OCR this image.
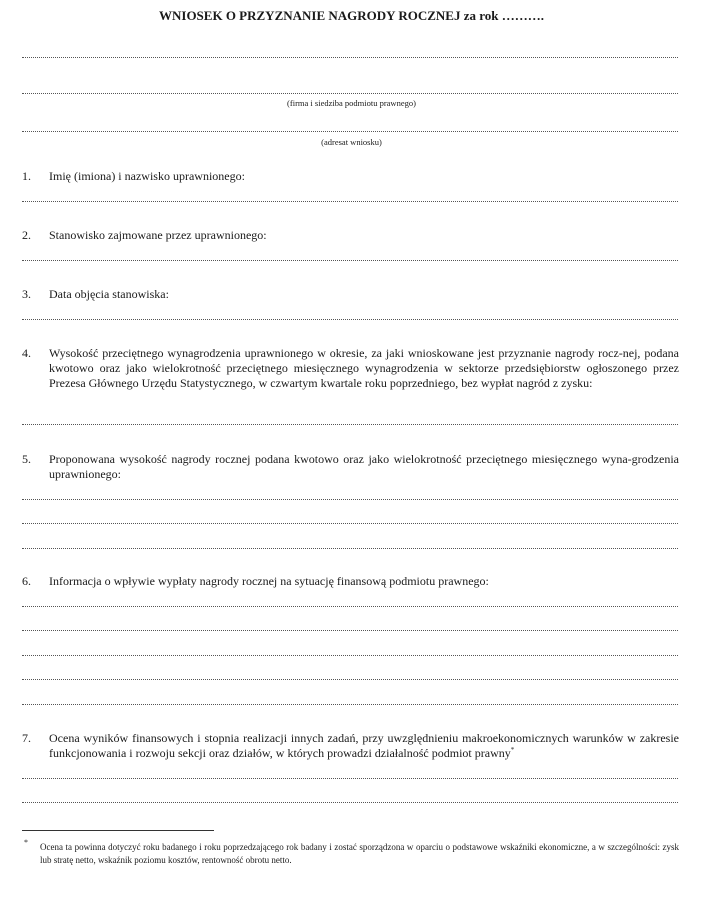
WNIOSEK O PRZYZNANIE NAGRODY ROCZNEJ za rok ……….
(firma i siedziba podmiotu prawnego)
(adresat wniosku)
1. Imię (imiona) i nazwisko uprawnionego:
2. Stanowisko zajmowane przez uprawnionego:
3. Data objęcia stanowiska:
4. Wysokość przeciętnego wynagrodzenia uprawnionego w okresie, za jaki wnioskowane jest przyznanie nagrody rocz-nej, podana kwotowo oraz jako wielokrotność przeciętnego miesięcznego wynagrodzenia w sektorze przedsiębiorstw ogłoszonego przez Prezesa Głównego Urzędu Statystycznego, w czwartym kwartale roku poprzedniego, bez wypłat nagród z zysku:
5. Proponowana wysokość nagrody rocznej podana kwotowo oraz jako wielokrotność przeciętnego miesięcznego wyna-grodzenia uprawnionego:
6. Informacja o wpływie wypłaty nagrody rocznej na sytuację finansową podmiotu prawnego:
7. Ocena wyników finansowych i stopnia realizacji innych zadań, przy uwzględnieniu makroekonomicznych warunków w zakresie funkcjonowania i rozwoju sekcji oraz działów, w których prowadzi działalność podmiot prawny*
* Ocena ta powinna dotyczyć roku badanego i roku poprzedzającego rok badany i zostać sporządzona w oparciu o podstawowe wskaźniki ekonomiczne, a w szczególności: zysk lub stratę netto, wskaźnik poziomu kosztów, rentowność obrotu netto.
